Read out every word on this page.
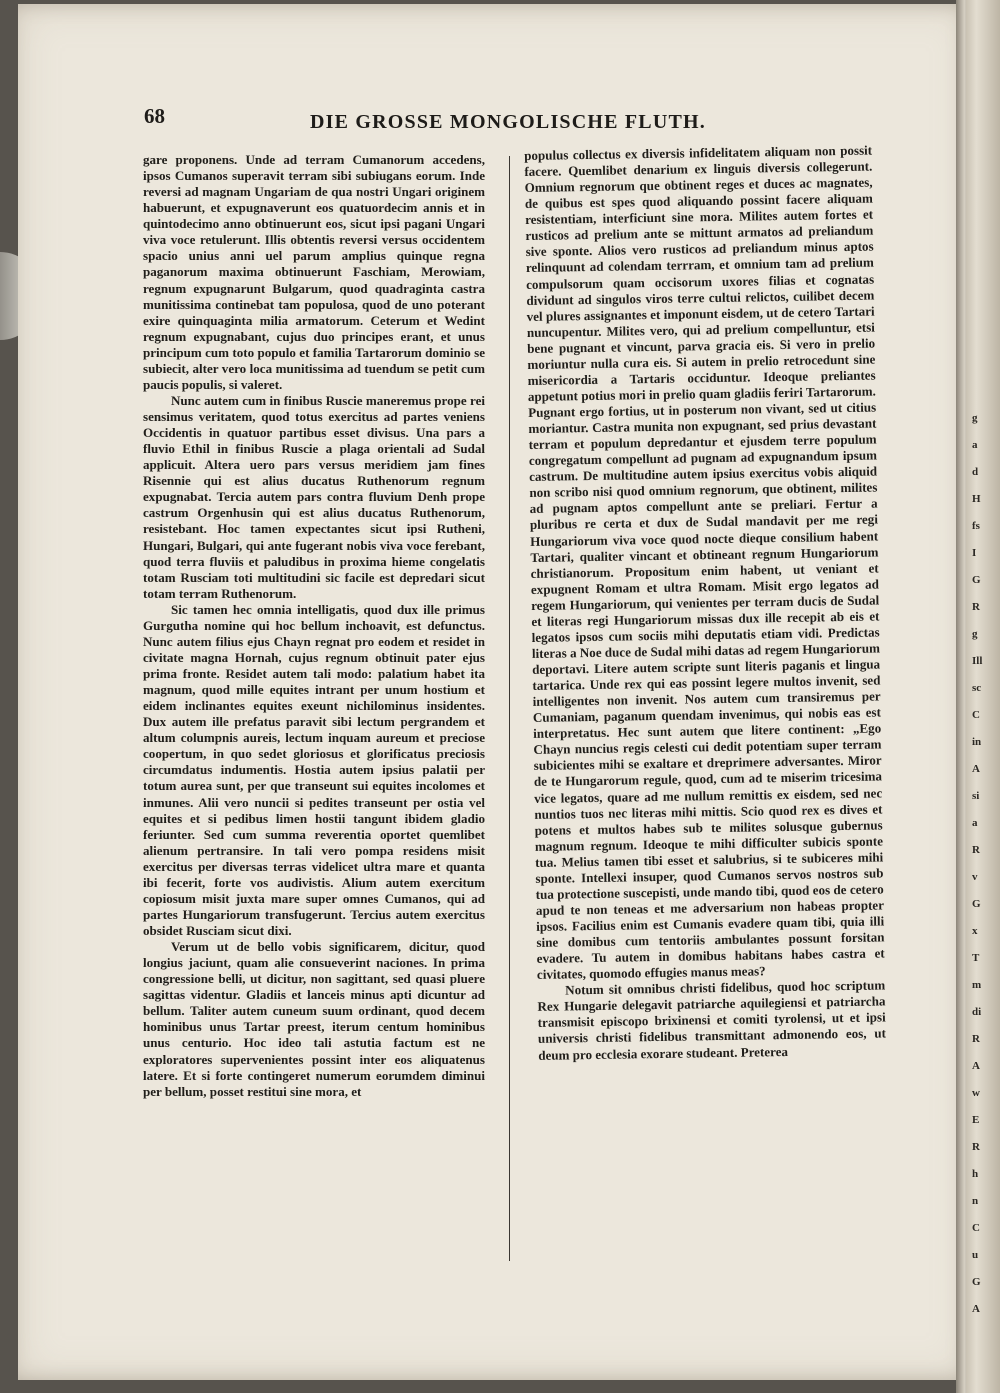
68	DIE GROSSE MONGOLISCHE FLUTH.

gare proponens. Unde ad terram Cumanorum accedens, ipsos Cumanos superavit terram sibi subiugans eorum. Inde reversi ad magnam Ungariam de qua nostri Ungari originem habuerunt, et expugnaverunt eos quatuordecim annis et in quintodecimo anno obtinuerunt eos, sicut ipsi pagani Ungari viva voce retulerunt. Illis obtentis reversi versus occidentem spacio unius anni uel parum amplius quinque regna paganorum maxima obtinuerunt Faschiam, Merowiam, regnum expugnarunt Bulgarum, quod quadraginta castra munitissima continebat tam populosa, quod de uno poterant exire quinquaginta milia armatorum. Ceterum et Wedint regnum expugnabant, cujus duo principes erant, et unus principum cum toto populo et familia Tartarorum dominio se subiecit, alter vero loca munitissima ad tuendum se petit cum paucis populis, si valeret.

Nunc autem cum in finibus Ruscie maneremus prope rei sensimus veritatem, quod totus exercitus ad partes veniens Occidentis in quatuor partibus esset divisus. Una pars a fluvio Ethil in finibus Ruscie a plaga orientali ad Sudal applicuit. Altera uero pars versus meridiem jam fines Risennie qui est alius ducatus Ruthenorum regnum expugnabat. Tercia autem pars contra fluvium Denh prope castrum Orgenhusin qui est alius ducatus Ruthenorum, resistebant. Hoc tamen expectantes sicut ipsi Rutheni, Hungari, Bulgari, qui ante fugerant nobis viva voce ferebant, quod terra fluviis et paludibus in proxima hieme congelatis totam Rusciam toti multitudini sic facile est depredari sicut totam terram Ruthenorum.

Sic tamen hec omnia intelligatis, quod dux ille primus Gurgutha nomine qui hoc bellum inchoavit, est defunctus. Nunc autem filius ejus Chayn regnat pro eodem et residet in civitate magna Hornah, cujus regnum obtinuit pater ejus prima fronte. Residet autem tali modo: palatium habet ita magnum, quod mille equites intrant per unum hostium et eidem inclinantes equites exeunt nichilominus insidentes. Dux autem ille prefatus paravit sibi lectum pergrandem et altum columpnis aureis, lectum inquam aureum et preciose coopertum, in quo sedet gloriosus et glorificatus preciosis circumdatus indumentis. Hostia autem ipsius palatii per totum aurea sunt, per que transeunt sui equites incolomes et inmunes. Alii vero nuncii si pedites transeunt per ostia vel equites et si pedibus limen hostii tangunt ibidem gladio feriunter. Sed cum summa reverentia oportet quemlibet alienum pertransire. In tali vero pompa residens misit exercitus per diversas terras videlicet ultra mare et quanta ibi fecerit, forte vos audivistis. Alium autem exercitum copiosum misit juxta mare super omnes Cumanos, qui ad partes Hungariorum transfugerunt. Tercius autem exercitus obsidet Rusciam sicut dixi.

Verum ut de bello vobis significarem, dicitur, quod longius jaciunt, quam alie consueverint naciones. In prima congressione belli, ut dicitur, non sagittant, sed quasi pluere sagittas videntur. Gladiis et lanceis minus apti dicuntur ad bellum. Taliter autem cuneum suum ordinant, quod decem hominibus unus Tartar preest, iterum centum hominibus unus centurio. Hoc ideo tali astutia factum est ne exploratores supervenientes possint inter eos aliquatenus latere. Et si forte contingeret numerum eorumdem diminui per bellum, posset restitui sine mora, et

populus collectus ex diversis infidelitatem aliquam non possit facere. Quemlibet denarium ex linguis diversis collegerunt. Omnium regnorum que obtinent reges et duces ac magnates, de quibus est spes quod aliquando possint facere aliquam resistentiam, interficiunt sine mora. Milites autem fortes et rusticos ad prelium ante se mittunt armatos ad preliandum sive sponte. Alios vero rusticos ad preliandum minus aptos relinquunt ad colendam terrram, et omnium tam ad prelium compulsorum quam occisorum uxores filias et cognatas dividunt ad singulos viros terre cultui relictos, cuilibet decem vel plures assignantes et imponunt eisdem, ut de cetero Tartari nuncupentur. Milites vero, qui ad prelium compelluntur, etsi bene pugnant et vincunt, parva gracia eis. Si vero in prelio moriuntur nulla cura eis. Si autem in prelio retrocedunt sine misericordia a Tartaris occiduntur. Ideoque preliantes appetunt potius mori in prelio quam gladiis feriri Tartarorum. Pugnant ergo fortius, ut in posterum non vivant, sed ut citius moriantur. Castra munita non expugnant, sed prius devastant terram et populum depredantur et ejusdem terre populum congregatum compellunt ad pugnam ad expugnandum ipsum castrum. De multitudine autem ipsius exercitus vobis aliquid non scribo nisi quod omnium regnorum, que obtinent, milites ad pugnam aptos compellunt ante se preliari. Fertur a pluribus re certa et dux de Sudal mandavit per me regi Hungariorum viva voce quod nocte dieque consilium habent Tartari, qualiter vincant et obtineant regnum Hungariorum christianorum. Propositum enim habent, ut veniant et expugnent Romam et ultra Romam. Misit ergo legatos ad regem Hungariorum, qui venientes per terram ducis de Sudal et literas regi Hungariorum missas dux ille recepit ab eis et legatos ipsos cum sociis mihi deputatis etiam vidi. Predictas literas a Noe duce de Sudal mihi datas ad regem Hungariorum deportavi. Litere autem scripte sunt literis paganis et lingua tartarica. Unde rex qui eas possint legere multos invenit, sed intelligentes non invenit. Nos autem cum transiremus per Cumaniam, paganum quendam invenimus, qui nobis eas est interpretatus. Hec sunt autem que litere continent: „Ego Chayn nuncius regis celesti cui dedit potentiam super terram subicientes mihi se exaltare et dreprimere adversantes. Miror de te Hungarorum regule, quod, cum ad te miserim tricesima vice legatos, quare ad me nullum remittis ex eisdem, sed nec nuntios tuos nec literas mihi mittis. Scio quod rex es dives et potens et multos habes sub te milites solusque gubernus magnum regnum. Ideoque te mihi difficulter subicis sponte tua. Melius tamen tibi esset et salubrius, si te subiceres mihi sponte. Intellexi insuper, quod Cumanos servos nostros sub tua protectione suscepisti, unde mando tibi, quod eos de cetero apud te non teneas et me adversarium non habeas propter ipsos. Facilius enim est Cumanis evadere quam tibi, quia illi sine domibus cum tentoriis ambulantes possunt forsitan evadere. Tu autem in domibus habitans habes castra et civitates, quomodo effugies manus meas?

Notum sit omnibus christi fidelibus, quod hoc scriptum Rex Hungarie delegavit patriarche aquilegiensi et patriarcha transmisit episcopo brixinensi et comiti tyrolensi, ut et ipsi universis christi fidelibus transmittant admonendo eos, ut deum pro ecclesia exorare studeant. Preterea

g
a
d
H
fs
I
G
R
g
Ill
sc
C
in
A
si
a
R
v
G
x
T
m
di
R
A
w
E
R
h
n
C
u
G
A
